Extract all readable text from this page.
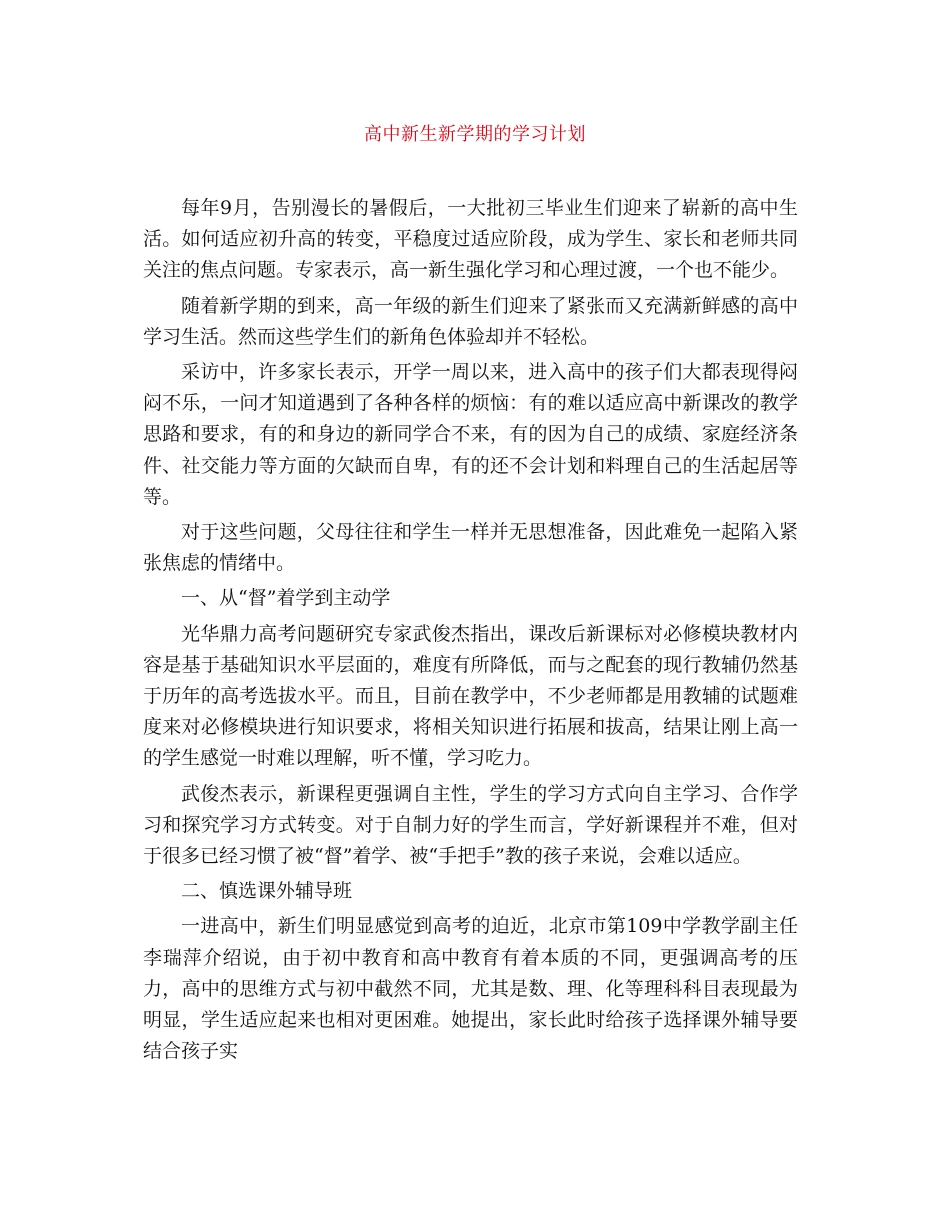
高中新生新学期的学习计划

每年9月，告别漫长的暑假后，一大批初三毕业生们迎来了崭新的高中生活。如何适应初升高的转变，平稳度过适应阶段，成为学生、家长和老师共同关注的焦点问题。专家表示，高一新生强化学习和心理过渡，一个也不能少。

随着新学期的到来，高一年级的新生们迎来了紧张而又充满新鲜感的高中学习生活。然而这些学生们的新角色体验却并不轻松。

采访中，许多家长表示，开学一周以来，进入高中的孩子们大都表现得闷闷不乐，一问才知道遇到了各种各样的烦恼：有的难以适应高中新课改的教学思路和要求，有的和身边的新同学合不来，有的因为自己的成绩、家庭经济条件、社交能力等方面的欠缺而自卑，有的还不会计划和料理自己的生活起居等等。

对于这些问题，父母往往和学生一样并无思想准备，因此难免一起陷入紧张焦虑的情绪中。

一、从“督”着学到主动学

光华鼎力高考问题研究专家武俊杰指出，课改后新课标对必修模块教材内容是基于基础知识水平层面的，难度有所降低，而与之配套的现行教辅仍然基于历年的高考选拔水平。而且，目前在教学中，不少老师都是用教辅的试题难度来对必修模块进行知识要求，将相关知识进行拓展和拔高，结果让刚上高一的学生感觉一时难以理解，听不懂，学习吃力。

武俊杰表示，新课程更强调自主性，学生的学习方式向自主学习、合作学习和探究学习方式转变。对于自制力好的学生而言，学好新课程并不难，但对于很多已经习惯了被“督”着学、被“手把手”教的孩子来说，会难以适应。

二、慎选课外辅导班

一进高中，新生们明显感觉到高考的迫近，北京市第109中学教学副主任李瑞萍介绍说，由于初中教育和高中教育有着本质的不同，更强调高考的压力，高中的思维方式与初中截然不同，尤其是数、理、化等理科科目表现最为明显，学生适应起来也相对更困难。她提出，家长此时给孩子选择课外辅导要结合孩子实
